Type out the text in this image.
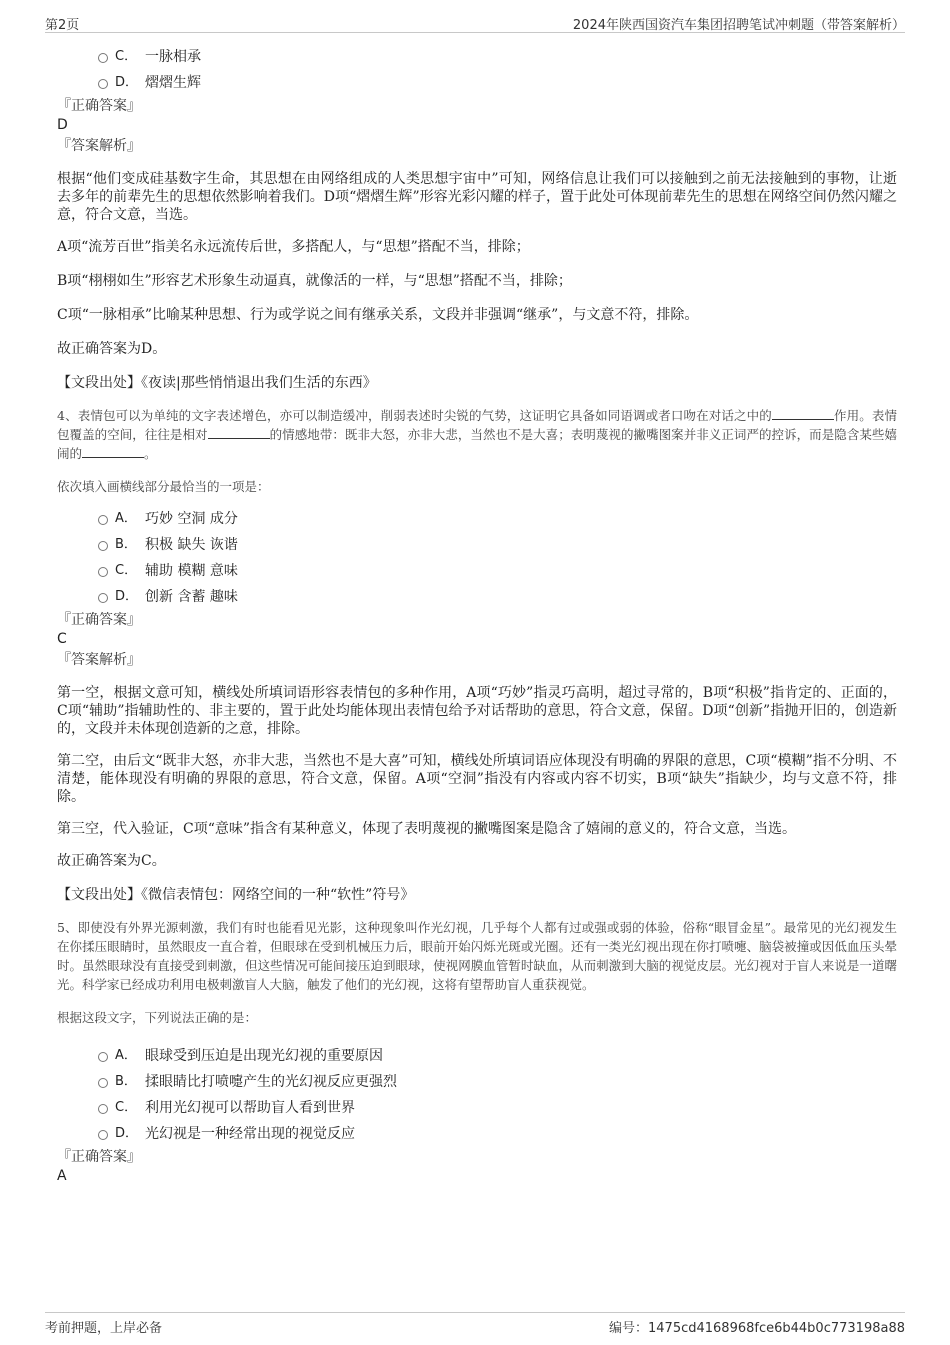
第2页	2024年陕西国资汽车集团招聘笔试冲刺题（带答案解析）
C． 一脉相承
D． 熠熠生辉
『正确答案』
D
『答案解析』

根据“他们变成硅基数字生命，其思想在由网络组成的人类思想宇宙中”可知，网络信息让我们可以接触到之前无法接触到的事物，让逝去多年的前辈先生的思想依然影响着我们。D项“熠熠生辉”形容光彩闪耀的样子，置于此处可体现前辈先生的思想在网络空间仍然闪耀之意，符合文意，当选。

A项“流芳百世”指美名永远流传后世，多搭配人，与“思想”搭配不当，排除；

B项“栩栩如生”形容艺术形象生动逼真，就像活的一样，与“思想”搭配不当，排除；

C项“一脉相承”比喻某种思想、行为或学说之间有继承关系，文段并非强调“继承”，与文意不符，排除。

故正确答案为D。

【文段出处】《夜读|那些悄悄退出我们生活的东西》

4、表情包可以为单纯的文字表述增色，亦可以制造缓冲，削弱表述时尖锐的气势，这证明它具备如同语调或者口吻在对话之中的	作用。表情包覆盖的空间，往往是相对	的情感地带：既非大怒，亦非大悲，当然也不是大喜；表明蔑视的撇嘴图案并非义正词严的控诉，而是隐含某些嬉闹的	。

依次填入画横线部分最恰当的一项是：

A． 巧妙 空洞 成分
B． 积极 缺失 诙谐
C． 辅助 模糊 意味
D． 创新 含蓄 趣味
『正确答案』
C
『答案解析』

第一空，根据文意可知，横线处所填词语形容表情包的多种作用，A项“巧妙”指灵巧高明，超过寻常的，B项“积极”指肯定的、正面的，C项“辅助”指辅助性的、非主要的，置于此处均能体现出表情包给予对话帮助的意思，符合文意，保留。D项“创新”指抛开旧的，创造新的，文段并未体现创造新的之意，排除。

第二空，由后文“既非大怒，亦非大悲，当然也不是大喜”可知，横线处所填词语应体现没有明确的界限的意思，C项“模糊”指不分明、不清楚，能体现没有明确的界限的意思，符合文意，保留。A项“空洞”指没有内容或内容不切实，B项“缺失”指缺少，均与文意不符，排除。

第三空，代入验证，C项“意味”指含有某种意义，体现了表明蔑视的撇嘴图案是隐含了嬉闹的意义的，符合文意，当选。

故正确答案为C。

【文段出处】《微信表情包：网络空间的一种“软性”符号》

5、即使没有外界光源刺激，我们有时也能看见光影，这种现象叫作光幻视，几乎每个人都有过或强或弱的体验，俗称“眼冒金星”。最常见的光幻视发生在你揉压眼睛时，虽然眼皮一直合着，但眼球在受到机械压力后，眼前开始闪烁光斑或光圈。还有一类光幻视出现在你打喷嚏、脑袋被撞或因低血压头晕时。虽然眼球没有直接受到刺激，但这些情况可能间接压迫到眼球，使视网膜血管暂时缺血，从而刺激到大脑的视觉皮层。光幻视对于盲人来说是一道曙光。科学家已经成功利用电极刺激盲人大脑，触发了他们的光幻视，这将有望帮助盲人重获视觉。

根据这段文字，下列说法正确的是：

A． 眼球受到压迫是出现光幻视的重要原因
B． 揉眼睛比打喷嚏产生的光幻视反应更强烈
C． 利用光幻视可以帮助盲人看到世界
D． 光幻视是一种经常出现的视觉反应
『正确答案』
A
考前押题，上岸必备	编号：1475cd4168968fce6b44b0c773198a88
